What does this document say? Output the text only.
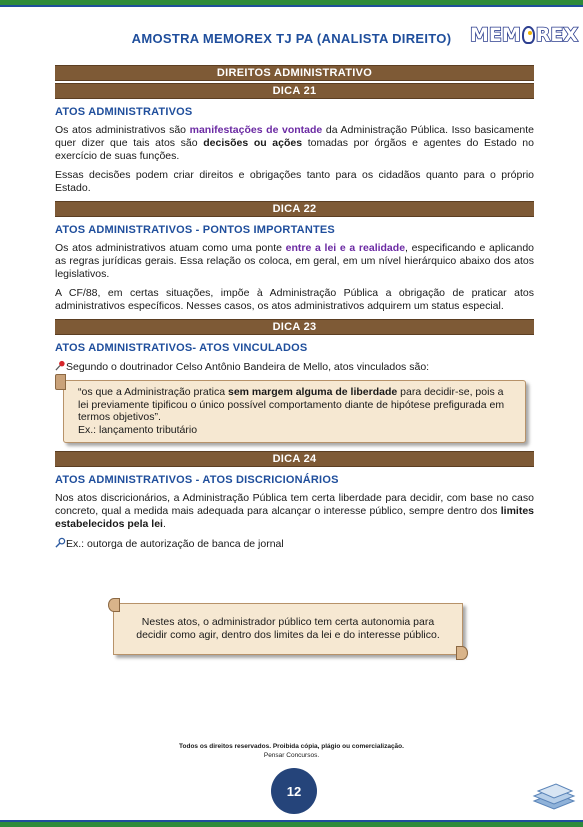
AMOSTRA MEMOREX TJ PA (ANALISTA DIREITO) MEM REX
DIREITOS ADMINISTRATIVO
DICA 21
ATOS ADMINISTRATIVOS

Os atos administrativos são manifestações de vontade da Administração Pública. Isso basicamente quer dizer que tais atos são decisões ou ações tomadas por órgãos e agentes do Estado no exercício de suas funções.

Essas decisões podem criar direitos e obrigações tanto para os cidadãos quanto para o próprio Estado.

DICA 22
ATOS ADMINISTRATIVOS - PONTOS IMPORTANTES

Os atos administrativos atuam como uma ponte entre a lei e a realidade, especificando e aplicando as regras jurídicas gerais. Essa relação os coloca, em geral, em um nível hierárquico abaixo dos atos legislativos.

A CF/88, em certas situações, impõe à Administração Pública a obrigação de praticar atos administrativos específicos. Nesses casos, os atos administrativos adquirem um status especial.

DICA 23
ATOS ADMINISTRATIVOS- ATOS VINCULADOS

Segundo o doutrinador Celso Antônio Bandeira de Mello, atos vinculados são:

“os que a Administração pratica sem margem alguma de liberdade para decidir-se, pois a lei previamente tipificou o único possível comportamento diante de hipótese prefigurada em termos objetivos”.
Ex.: lançamento tributário
DICA 24
ATOS ADMINISTRATIVOS - ATOS DISCRICIONÁRIOS

Nos atos discricionários, a Administração Pública tem certa liberdade para decidir, com base no caso concreto, qual a medida mais adequada para alcançar o interesse público, sempre dentro dos limites estabelecidos pela lei.

Ex.: outorga de autorização de banca de jornal

Nestes atos, o administrador público tem certa autonomia para decidir como agir, dentro dos limites da lei e do interesse público.
Todos os direitos reservados. Proibida cópia, plágio ou comercialização.
Pensar Concursos.
12
